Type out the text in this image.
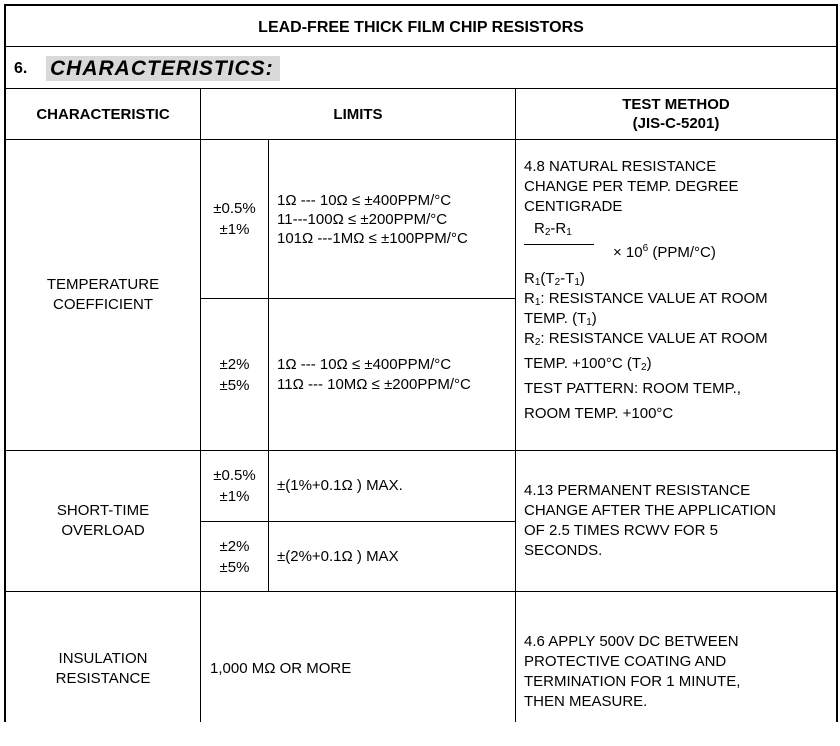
LEAD-FREE THICK FILM CHIP RESISTORS
6. CHARACTERISTICS:
CHARACTERISTIC	LIMITS
TEST METHOD
(JIS-C-5201)
TEMPERATURE
COEFFICIENT
±0.5%
±1%
1Ω --- 10Ω ≤ ±400PPM/°C
11---100Ω ≤ ±200PPM/°C
101Ω ---1MΩ ≤ ±100PPM/°C
±2%
±5%
1Ω --- 10Ω ≤ ±400PPM/°C
11Ω --- 10MΩ ≤ ±200PPM/°C
4.8 NATURAL RESISTANCE
CHANGE PER TEMP. DEGREE
CENTIGRADE
$R_2-R_1$
× $10^6$ (PPM/°C)
$R_1(T_2-T_1)$
$R_1$: RESISTANCE VALUE AT ROOM
TEMP. $(T_1)$
$R_2$: RESISTANCE VALUE AT ROOM
TEMP. +100°C $(T_2)$
TEST PATTERN: ROOM TEMP.,
ROOM TEMP. +100°C
SHORT-TIME
OVERLOAD
±0.5%
±1%
±(1%+0.1Ω ) MAX.
±2%
±5%
±(2%+0.1Ω ) MAX
4.13 PERMANENT RESISTANCE
CHANGE AFTER THE APPLICATION
OF 2.5 TIMES RCWV FOR 5
SECONDS.
INSULATION
RESISTANCE
1,000 MΩ OR MORE
4.6 APPLY 500V DC BETWEEN
PROTECTIVE COATING AND
TERMINATION FOR 1 MINUTE,
THEN MEASURE.
